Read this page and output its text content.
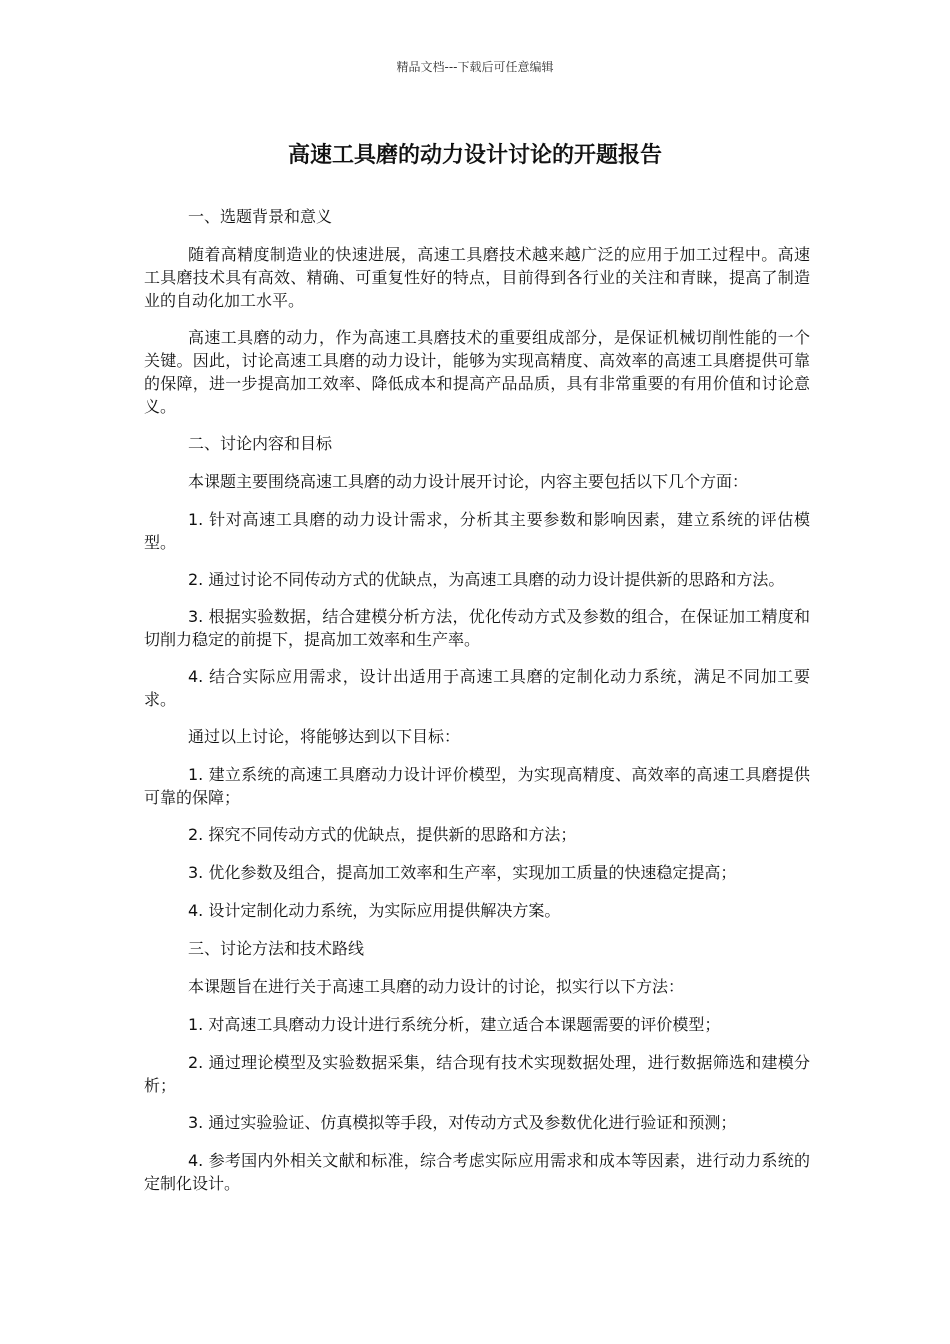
精品文档---下载后可任意编辑
高速工具磨的动力设计讨论的开题报告

一、选题背景和意义

随着高精度制造业的快速进展，高速工具磨技术越来越广泛的应用于加工过程中。高速工具磨技术具有高效、精确、可重复性好的特点，目前得到各行业的关注和青睐，提高了制造业的自动化加工水平。

高速工具磨的动力，作为高速工具磨技术的重要组成部分，是保证机械切削性能的一个关键。因此，讨论高速工具磨的动力设计，能够为实现高精度、高效率的高速工具磨提供可靠的保障，进一步提高加工效率、降低成本和提高产品品质，具有非常重要的有用价值和讨论意义。

二、讨论内容和目标

本课题主要围绕高速工具磨的动力设计展开讨论，内容主要包括以下几个方面：

1. 针对高速工具磨的动力设计需求，分析其主要参数和影响因素，建立系统的评估模型。

2. 通过讨论不同传动方式的优缺点，为高速工具磨的动力设计提供新的思路和方法。

3. 根据实验数据，结合建模分析方法，优化传动方式及参数的组合，在保证加工精度和切削力稳定的前提下，提高加工效率和生产率。

4. 结合实际应用需求，设计出适用于高速工具磨的定制化动力系统，满足不同加工要求。

通过以上讨论，将能够达到以下目标：

1. 建立系统的高速工具磨动力设计评价模型，为实现高精度、高效率的高速工具磨提供可靠的保障；

2. 探究不同传动方式的优缺点，提供新的思路和方法；

3. 优化参数及组合，提高加工效率和生产率，实现加工质量的快速稳定提高；

4. 设计定制化动力系统，为实际应用提供解决方案。

三、讨论方法和技术路线

本课题旨在进行关于高速工具磨的动力设计的讨论，拟实行以下方法：

1. 对高速工具磨动力设计进行系统分析，建立适合本课题需要的评价模型；

2. 通过理论模型及实验数据采集，结合现有技术实现数据处理，进行数据筛选和建模分析；

3. 通过实验验证、仿真模拟等手段，对传动方式及参数优化进行验证和预测；

4. 参考国内外相关文献和标准，综合考虑实际应用需求和成本等因素，进行动力系统的定制化设计。
